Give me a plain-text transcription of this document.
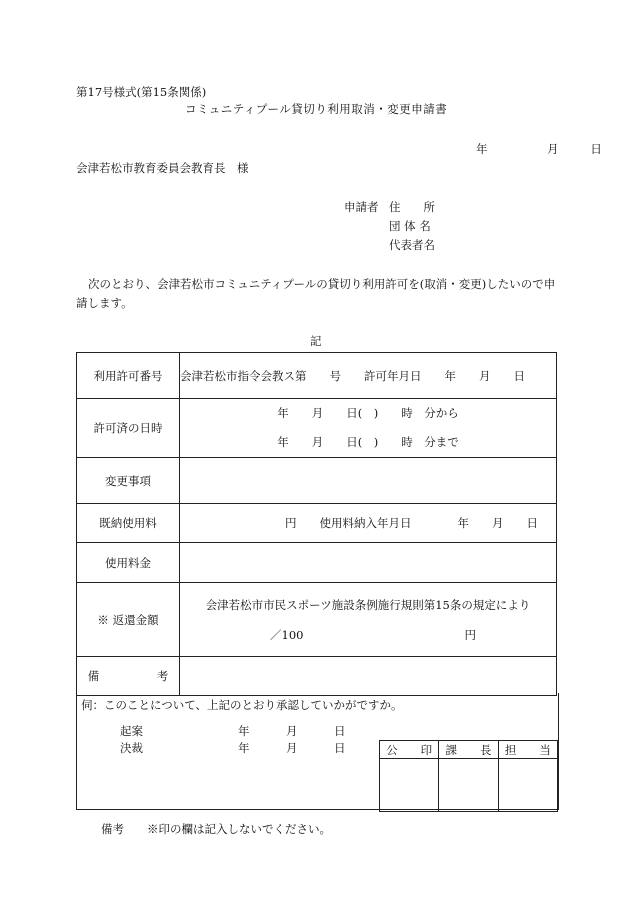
第17号様式(第15条関係)
コミュニティプール貸切り利用取消・変更申請書
年	月	日
会津若松市教育委員会教育長　様
申請者 住　　所
団 体 名
代表者名
次のとおり、会津若松市コミュニティプールの貸切り利用許可を(取消・変更)したいので申請します。
記
利用許可番号	会津若松市指令会教ス第　　号　　許可年月日　　年　　月　　日
許可済の日時	年　　月　　日(　)　　時　分から
年　　月　　日(　)　　時　分まで

変更事項	
既納使用料	円　　使用料納入年月日　　　　年　　月　　日
使用料金	
※ 返還金額	会津若松市市民スポーツ施設条例施行規則第15条の規定により
／100　　　　　　　　　　　　　　円

備　　　　　考	
伺：このことについて、上記のとおり承認していかがですか。
起案	年	月	日
決裁	年	月	日	公　　印	課　　長	担　　当

備考　　※印の欄は記入しないでください。
